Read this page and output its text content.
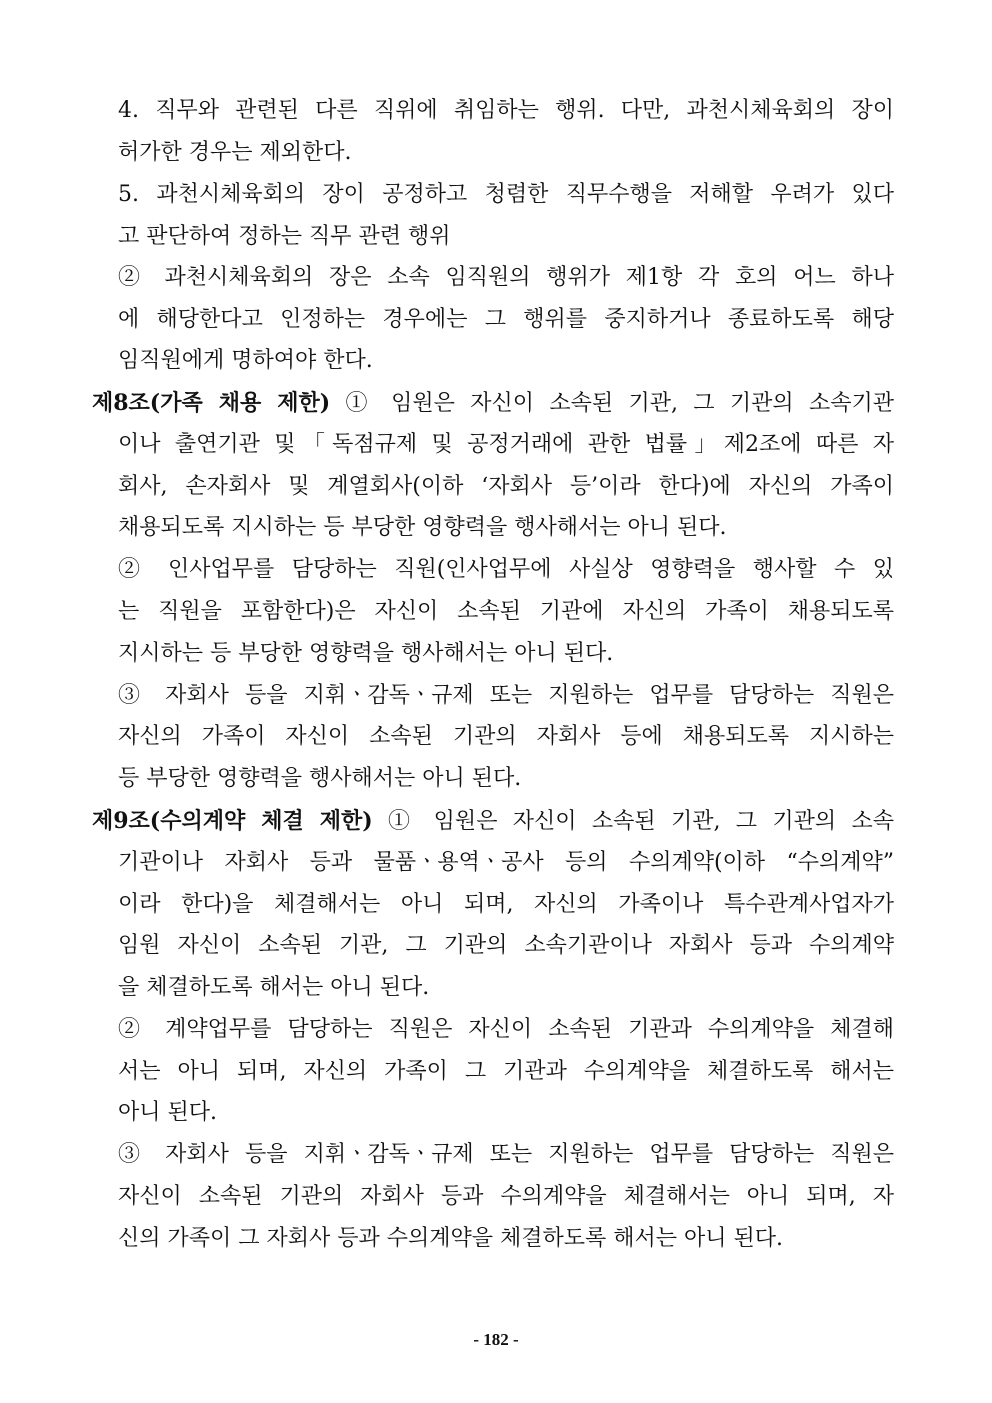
4. 직무와 관련된 다른 직위에 취임하는 행위. 다만, 과천시체육회의 장이
허가한 경우는 제외한다.
5. 과천시체육회의 장이 공정하고 청렴한 직무수행을 저해할 우려가 있다
고 판단하여 정하는 직무 관련 행위
② 과천시체육회의 장은 소속 임직원의 행위가 제1항 각 호의 어느 하나
에 해당한다고 인정하는 경우에는 그 행위를 중지하거나 종료하도록 해당
임직원에게 명하여야 한다.
제8조(가족 채용 제한) ① 임원은 자신이 소속된 기관, 그 기관의 소속기관
이나 출연기관 및「독점규제 및 공정거래에 관한 법률」제2조에 따른 자
회사, 손자회사 및 계열회사(이하 ‘자회사 등’이라 한다)에 자신의 가족이
채용되도록 지시하는 등 부당한 영향력을 행사해서는 아니 된다.
② 인사업무를 담당하는 직원(인사업무에 사실상 영향력을 행사할 수 있
는 직원을 포함한다)은 자신이 소속된 기관에 자신의 가족이 채용되도록
지시하는 등 부당한 영향력을 행사해서는 아니 된다.
③ 자회사 등을 지휘ㆍ감독ㆍ규제 또는 지원하는 업무를 담당하는 직원은
자신의 가족이 자신이 소속된 기관의 자회사 등에 채용되도록 지시하는
등 부당한 영향력을 행사해서는 아니 된다.
제9조(수의계약 체결 제한) ① 임원은 자신이 소속된 기관, 그 기관의 소속
기관이나 자회사 등과 물품ㆍ용역ㆍ공사 등의 수의계약(이하 “수의계약”
이라 한다)을 체결해서는 아니 되며, 자신의 가족이나 특수관계사업자가
임원 자신이 소속된 기관, 그 기관의 소속기관이나 자회사 등과 수의계약
을 체결하도록 해서는 아니 된다.
② 계약업무를 담당하는 직원은 자신이 소속된 기관과 수의계약을 체결해
서는 아니 되며, 자신의 가족이 그 기관과 수의계약을 체결하도록 해서는
아니 된다.
③ 자회사 등을 지휘ㆍ감독ㆍ규제 또는 지원하는 업무를 담당하는 직원은
자신이 소속된 기관의 자회사 등과 수의계약을 체결해서는 아니 되며, 자
신의 가족이 그 자회사 등과 수의계약을 체결하도록 해서는 아니 된다.
- 182 -
